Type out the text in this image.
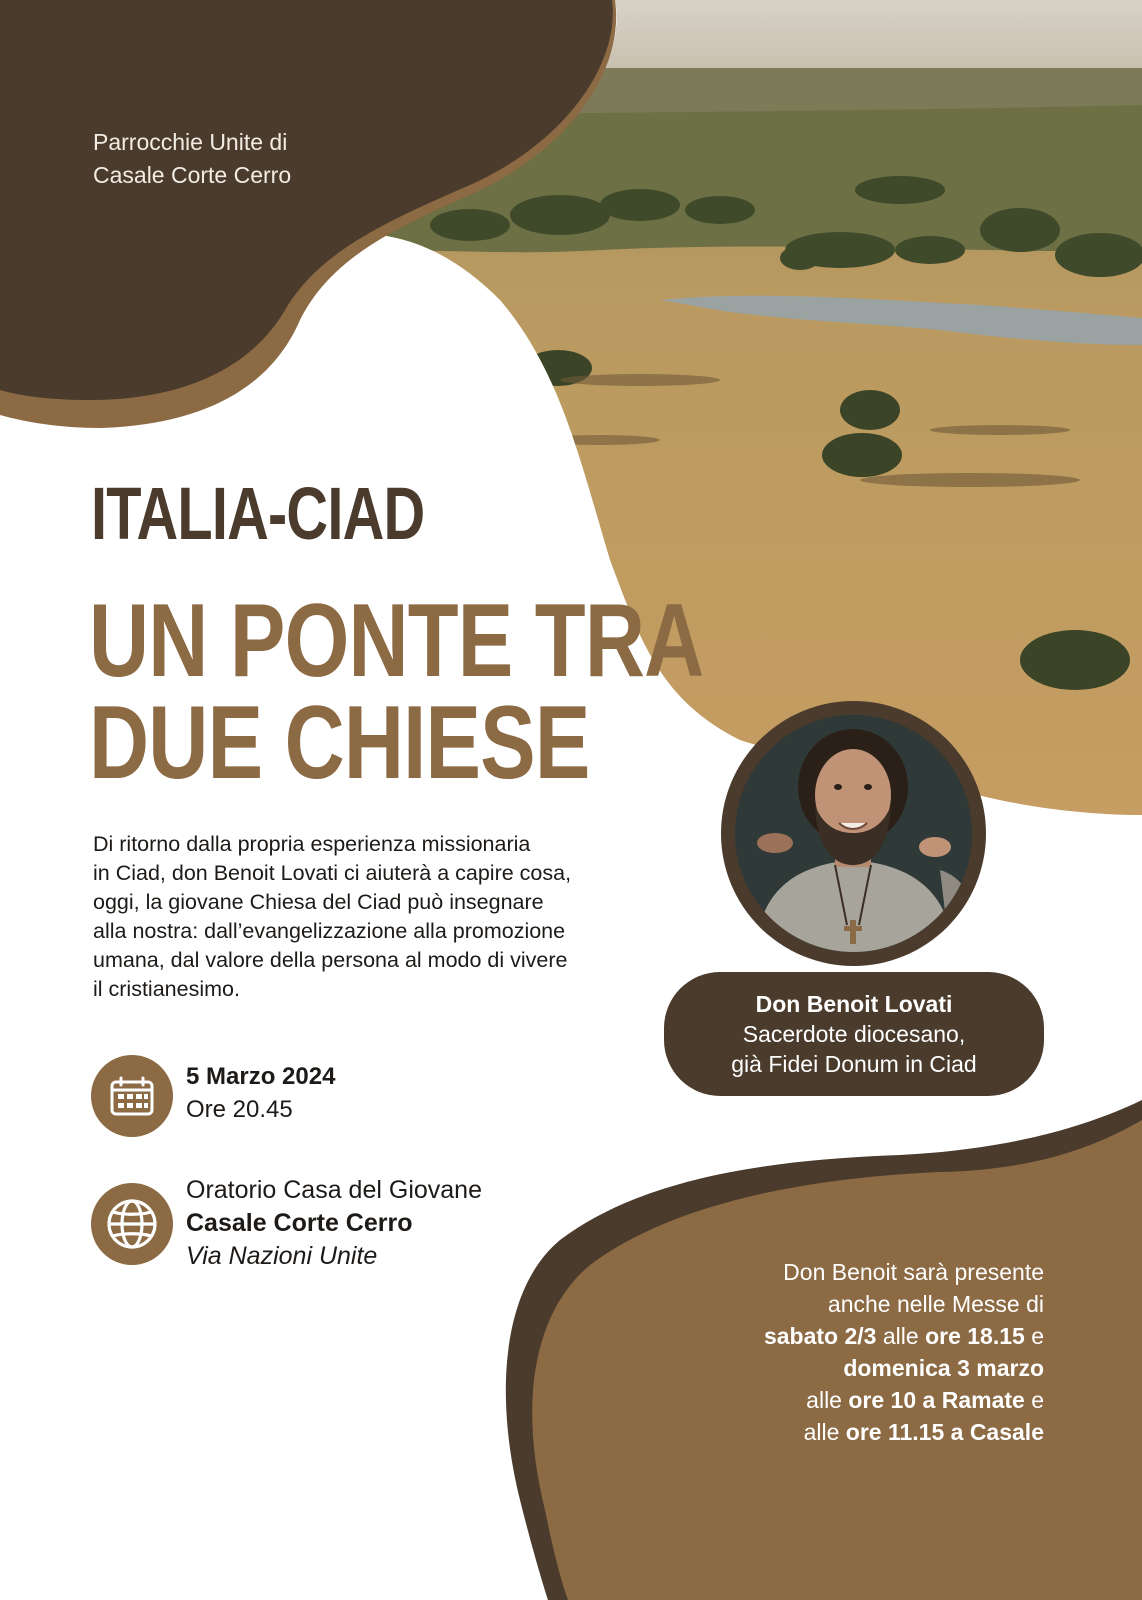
Parrocchie Unite di
Casale Corte Cerro
ITALIA-CIAD
UN PONTE TRA
DUE CHIESE
Di ritorno dalla propria esperienza missionaria
in Ciad, don Benoit Lovati ci aiuterà a capire cosa,
oggi, la giovane Chiesa del Ciad può insegnare
alla nostra: dall’evangelizzazione alla promozione
umana, dal valore della persona al modo di vivere
il cristianesimo.
5 Marzo 2024
Ore 20.45
Oratorio Casa del Giovane
Casale Corte Cerro
Via Nazioni Unite
Don Benoit Lovati
Sacerdote diocesano,
già Fidei Donum in Ciad
Don Benoit sarà presente
anche nelle Messe di
sabato 2/3 alle ore 18.15 e
domenica 3 marzo
alle ore 10 a Ramate e
alle ore 11.15 a Casale
